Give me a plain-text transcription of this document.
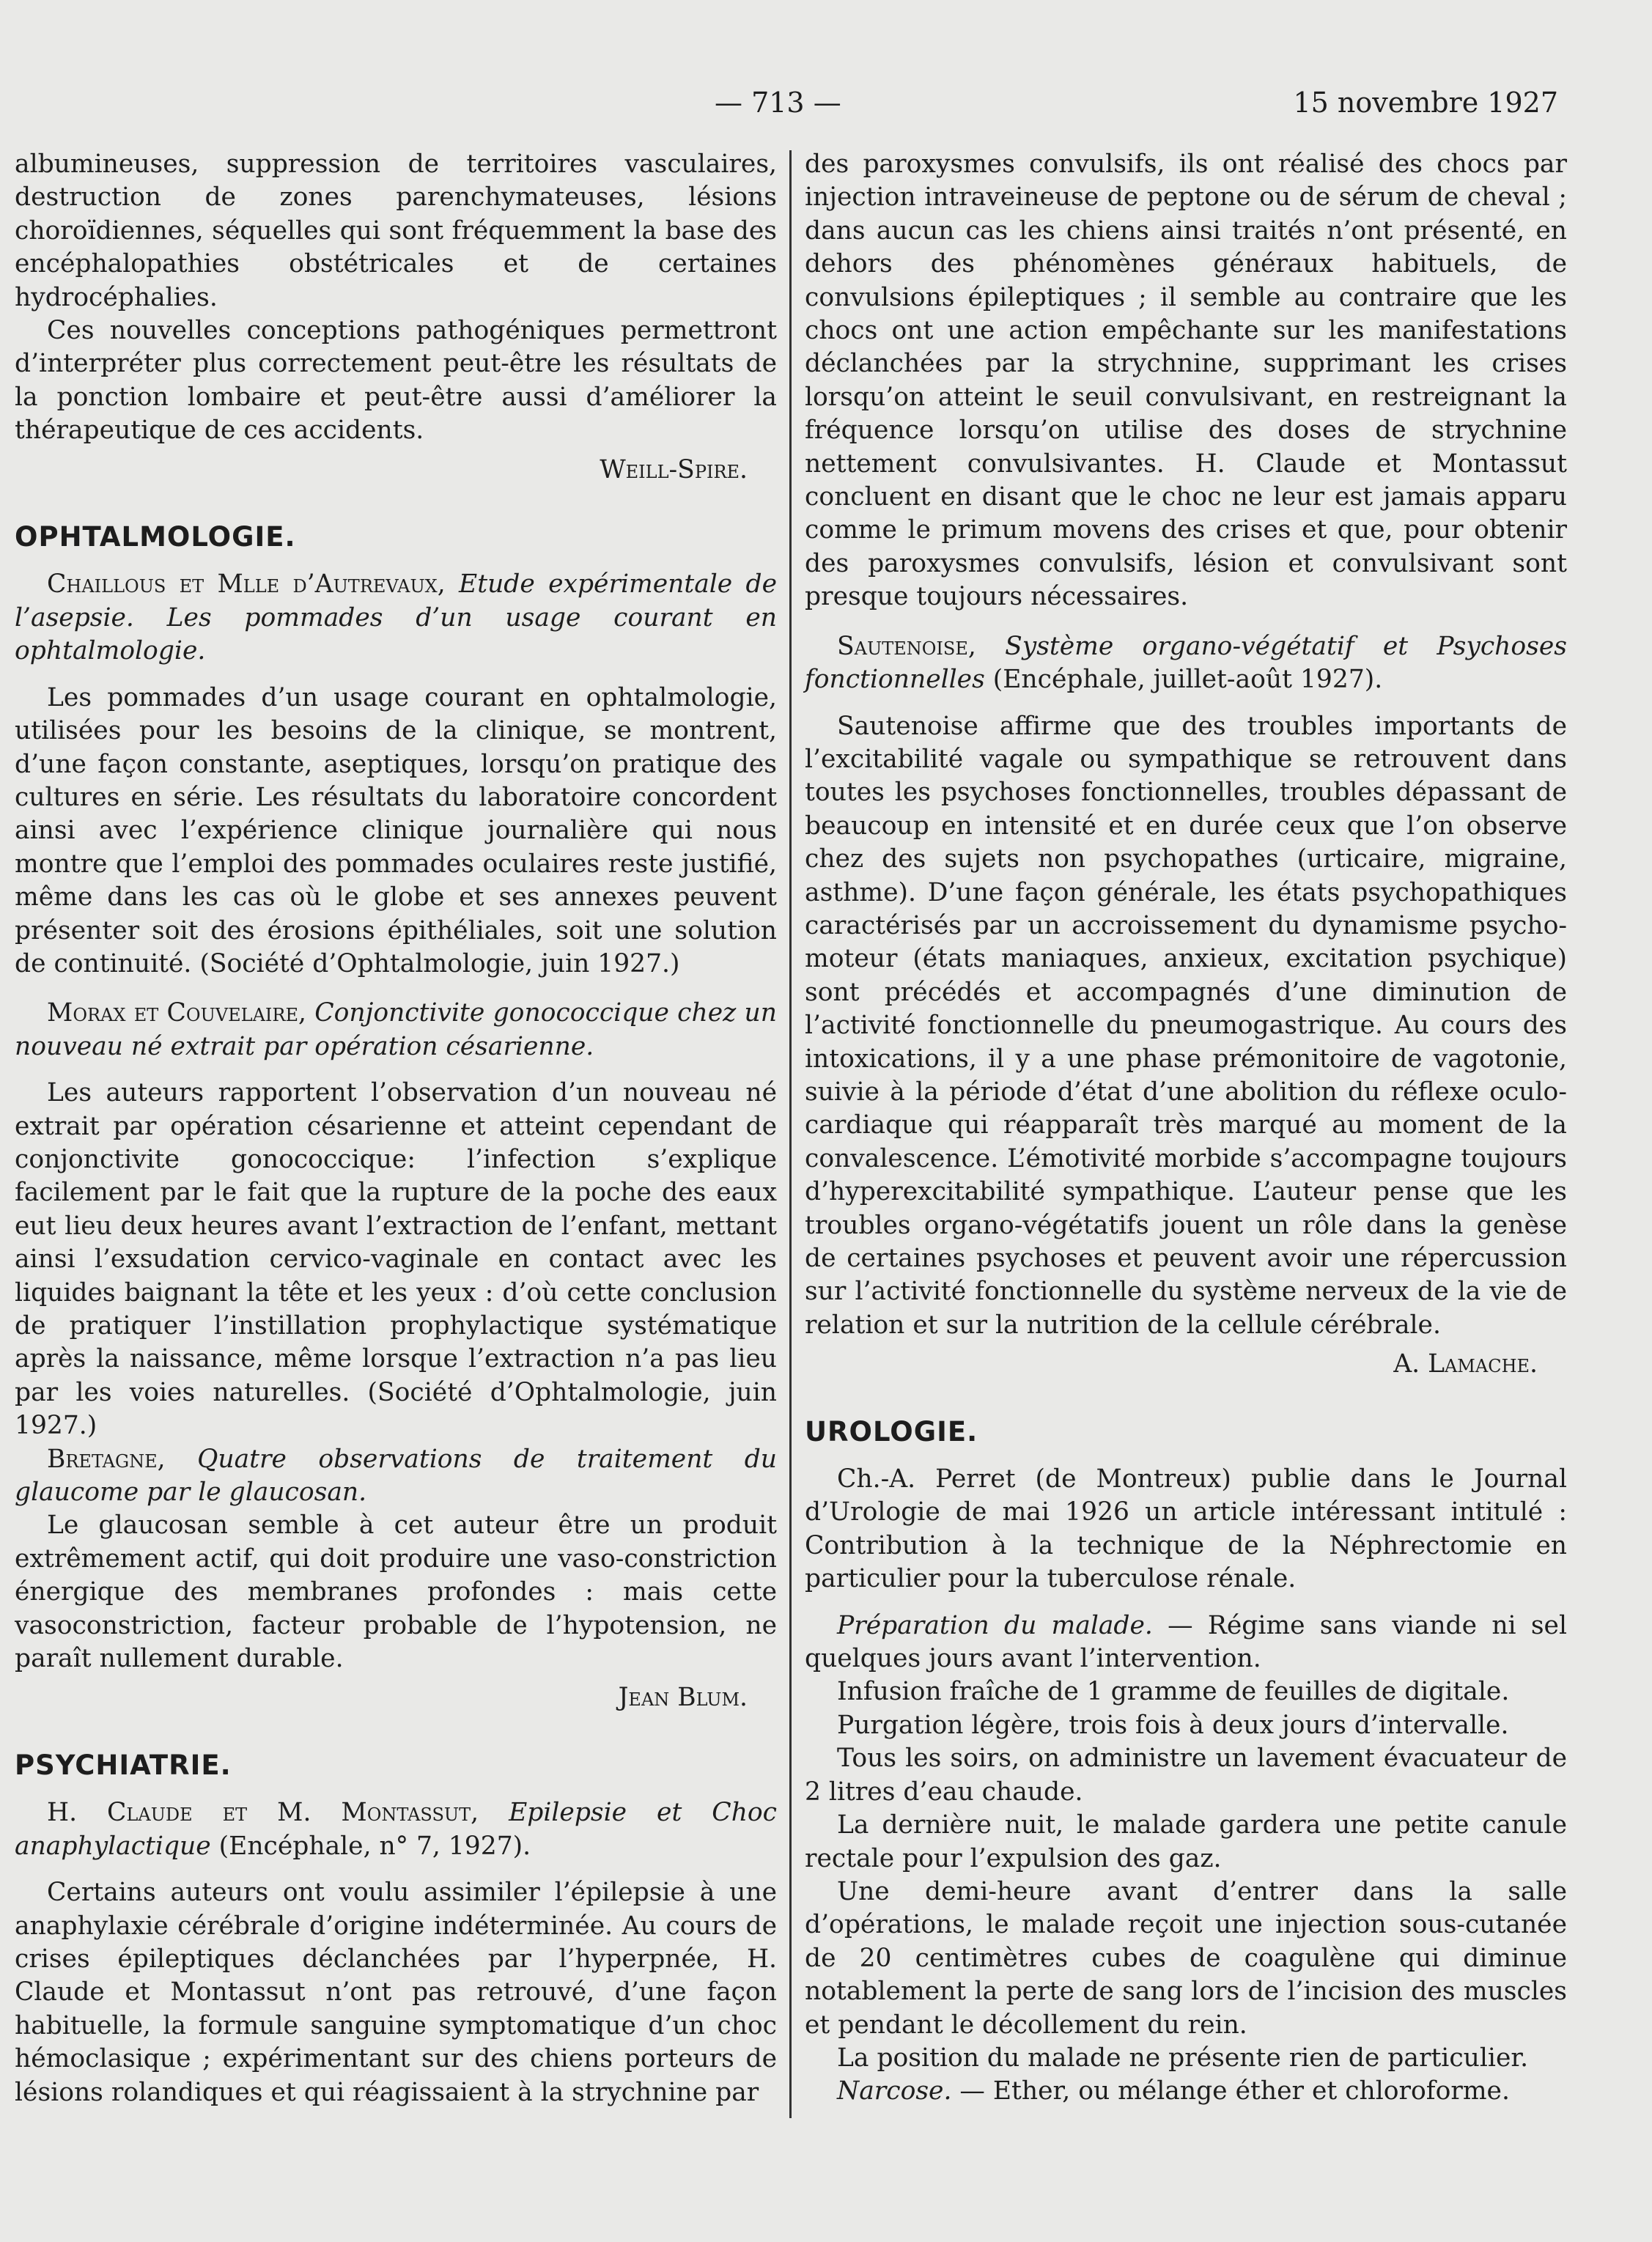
— 713 —	15 novembre 1927

albumineuses, suppression de territoires vasculaires, destruction de zones parenchymateuses, lésions choroïdiennes, séquelles qui sont fréquemment la base des encéphalopathies obstétricales et de certaines hydrocéphalies.

Ces nouvelles conceptions pathogéniques permettront d’interpréter plus correctement peut-être les résultats de la ponction lombaire et peut-être aussi d’améliorer la thérapeutique de ces accidents.

Weill-Spire.

OPHTALMOLOGIE.

Chaillous et Mlle d’Autrevaux, Etude expérimentale de l’asepsie. Les pommades d’un usage courant en ophtalmologie.

Les pommades d’un usage courant en ophtalmologie, utilisées pour les besoins de la clinique, se montrent, d’une façon constante, aseptiques, lorsqu’on pratique des cultures en série. Les résultats du laboratoire concordent ainsi avec l’expérience clinique journalière qui nous montre que l’emploi des pommades oculaires reste justifié, même dans les cas où le globe et ses annexes peuvent présenter soit des érosions épithéliales, soit une solution de continuité. (Société d’Ophtalmologie, juin 1927.)

Morax et Couvelaire, Conjonctivite gonococcique chez un nouveau né extrait par opération césarienne.

Les auteurs rapportent l’observation d’un nouveau né extrait par opération césarienne et atteint cependant de conjonctivite gonococcique: l’infection s’explique facilement par le fait que la rupture de la poche des eaux eut lieu deux heures avant l’extraction de l’enfant, mettant ainsi l’exsudation cervico-vaginale en contact avec les liquides baignant la tête et les yeux : d’où cette conclusion de pratiquer l’instillation prophylactique systématique après la naissance, même lorsque l’extraction n’a pas lieu par les voies naturelles. (Société d’Ophtalmologie, juin 1927.)

Bretagne, Quatre observations de traitement du glaucome par le glaucosan.

Le glaucosan semble à cet auteur être un produit extrêmement actif, qui doit produire une vaso-constriction énergique des membranes profondes : mais cette vasoconstriction, facteur probable de l’hypotension, ne paraît nullement durable.

Jean Blum.

PSYCHIATRIE.

H. Claude et M. Montassut, Epilepsie et Choc anaphylactique (Encéphale, n° 7, 1927).

Certains auteurs ont voulu assimiler l’épilepsie à une anaphylaxie cérébrale d’origine indéterminée. Au cours de crises épileptiques déclanchées par l’hyperpnée, H. Claude et Montassut n’ont pas retrouvé, d’une façon habituelle, la formule sanguine symptomatique d’un choc hémoclasique ; expérimentant sur des chiens porteurs de lésions rolandiques et qui réagissaient à la strychnine par

des paroxysmes convulsifs, ils ont réalisé des chocs par injection intraveineuse de peptone ou de sérum de cheval ; dans aucun cas les chiens ainsi traités n’ont présenté, en dehors des phénomènes généraux habituels, de convulsions épileptiques ; il semble au contraire que les chocs ont une action empêchante sur les manifestations déclanchées par la strychnine, supprimant les crises lorsqu’on atteint le seuil convulsivant, en restreignant la fréquence lorsqu’on utilise des doses de strychnine nettement convulsivantes. H. Claude et Montassut concluent en disant que le choc ne leur est jamais apparu comme le primum movens des crises et que, pour obtenir des paroxysmes convulsifs, lésion et convulsivant sont presque toujours nécessaires.

Sautenoise, Système organo-végétatif et Psychoses fonctionnelles (Encéphale, juillet-août 1927).

Sautenoise affirme que des troubles importants de l’excitabilité vagale ou sympathique se retrouvent dans toutes les psychoses fonctionnelles, troubles dépassant de beaucoup en intensité et en durée ceux que l’on observe chez des sujets non psychopathes (urticaire, migraine, asthme). D’une façon générale, les états psychopathiques caractérisés par un accroissement du dynamisme psycho-moteur (états maniaques, anxieux, excitation psychique) sont précédés et accompagnés d’une diminution de l’activité fonctionnelle du pneumogastrique. Au cours des intoxications, il y a une phase prémonitoire de vagotonie, suivie à la période d’état d’une abolition du réflexe oculo-cardiaque qui réapparaît très marqué au moment de la convalescence. L’émotivité morbide s’accompagne toujours d’hyperexcitabilité sympathique. L’auteur pense que les troubles organo-végétatifs jouent un rôle dans la genèse de certaines psychoses et peuvent avoir une répercussion sur l’activité fonctionnelle du système nerveux de la vie de relation et sur la nutrition de la cellule cérébrale.

A. Lamache.

UROLOGIE.

Ch.-A. Perret (de Montreux) publie dans le Journal d’Urologie de mai 1926 un article intéressant intitulé : Contribution à la technique de la Néphrectomie en particulier pour la tuberculose rénale.

Préparation du malade. — Régime sans viande ni sel quelques jours avant l’intervention.

Infusion fraîche de 1 gramme de feuilles de digitale.

Purgation légère, trois fois à deux jours d’intervalle.

Tous les soirs, on administre un lavement évacuateur de 2 litres d’eau chaude.

La dernière nuit, le malade gardera une petite canule rectale pour l’expulsion des gaz.

Une demi-heure avant d’entrer dans la salle d’opérations, le malade reçoit une injection sous-cutanée de 20 centimètres cubes de coagulène qui diminue notablement la perte de sang lors de l’incision des muscles et pendant le décollement du rein.

La position du malade ne présente rien de particulier.

Narcose. — Ether, ou mélange éther et chloroforme.
